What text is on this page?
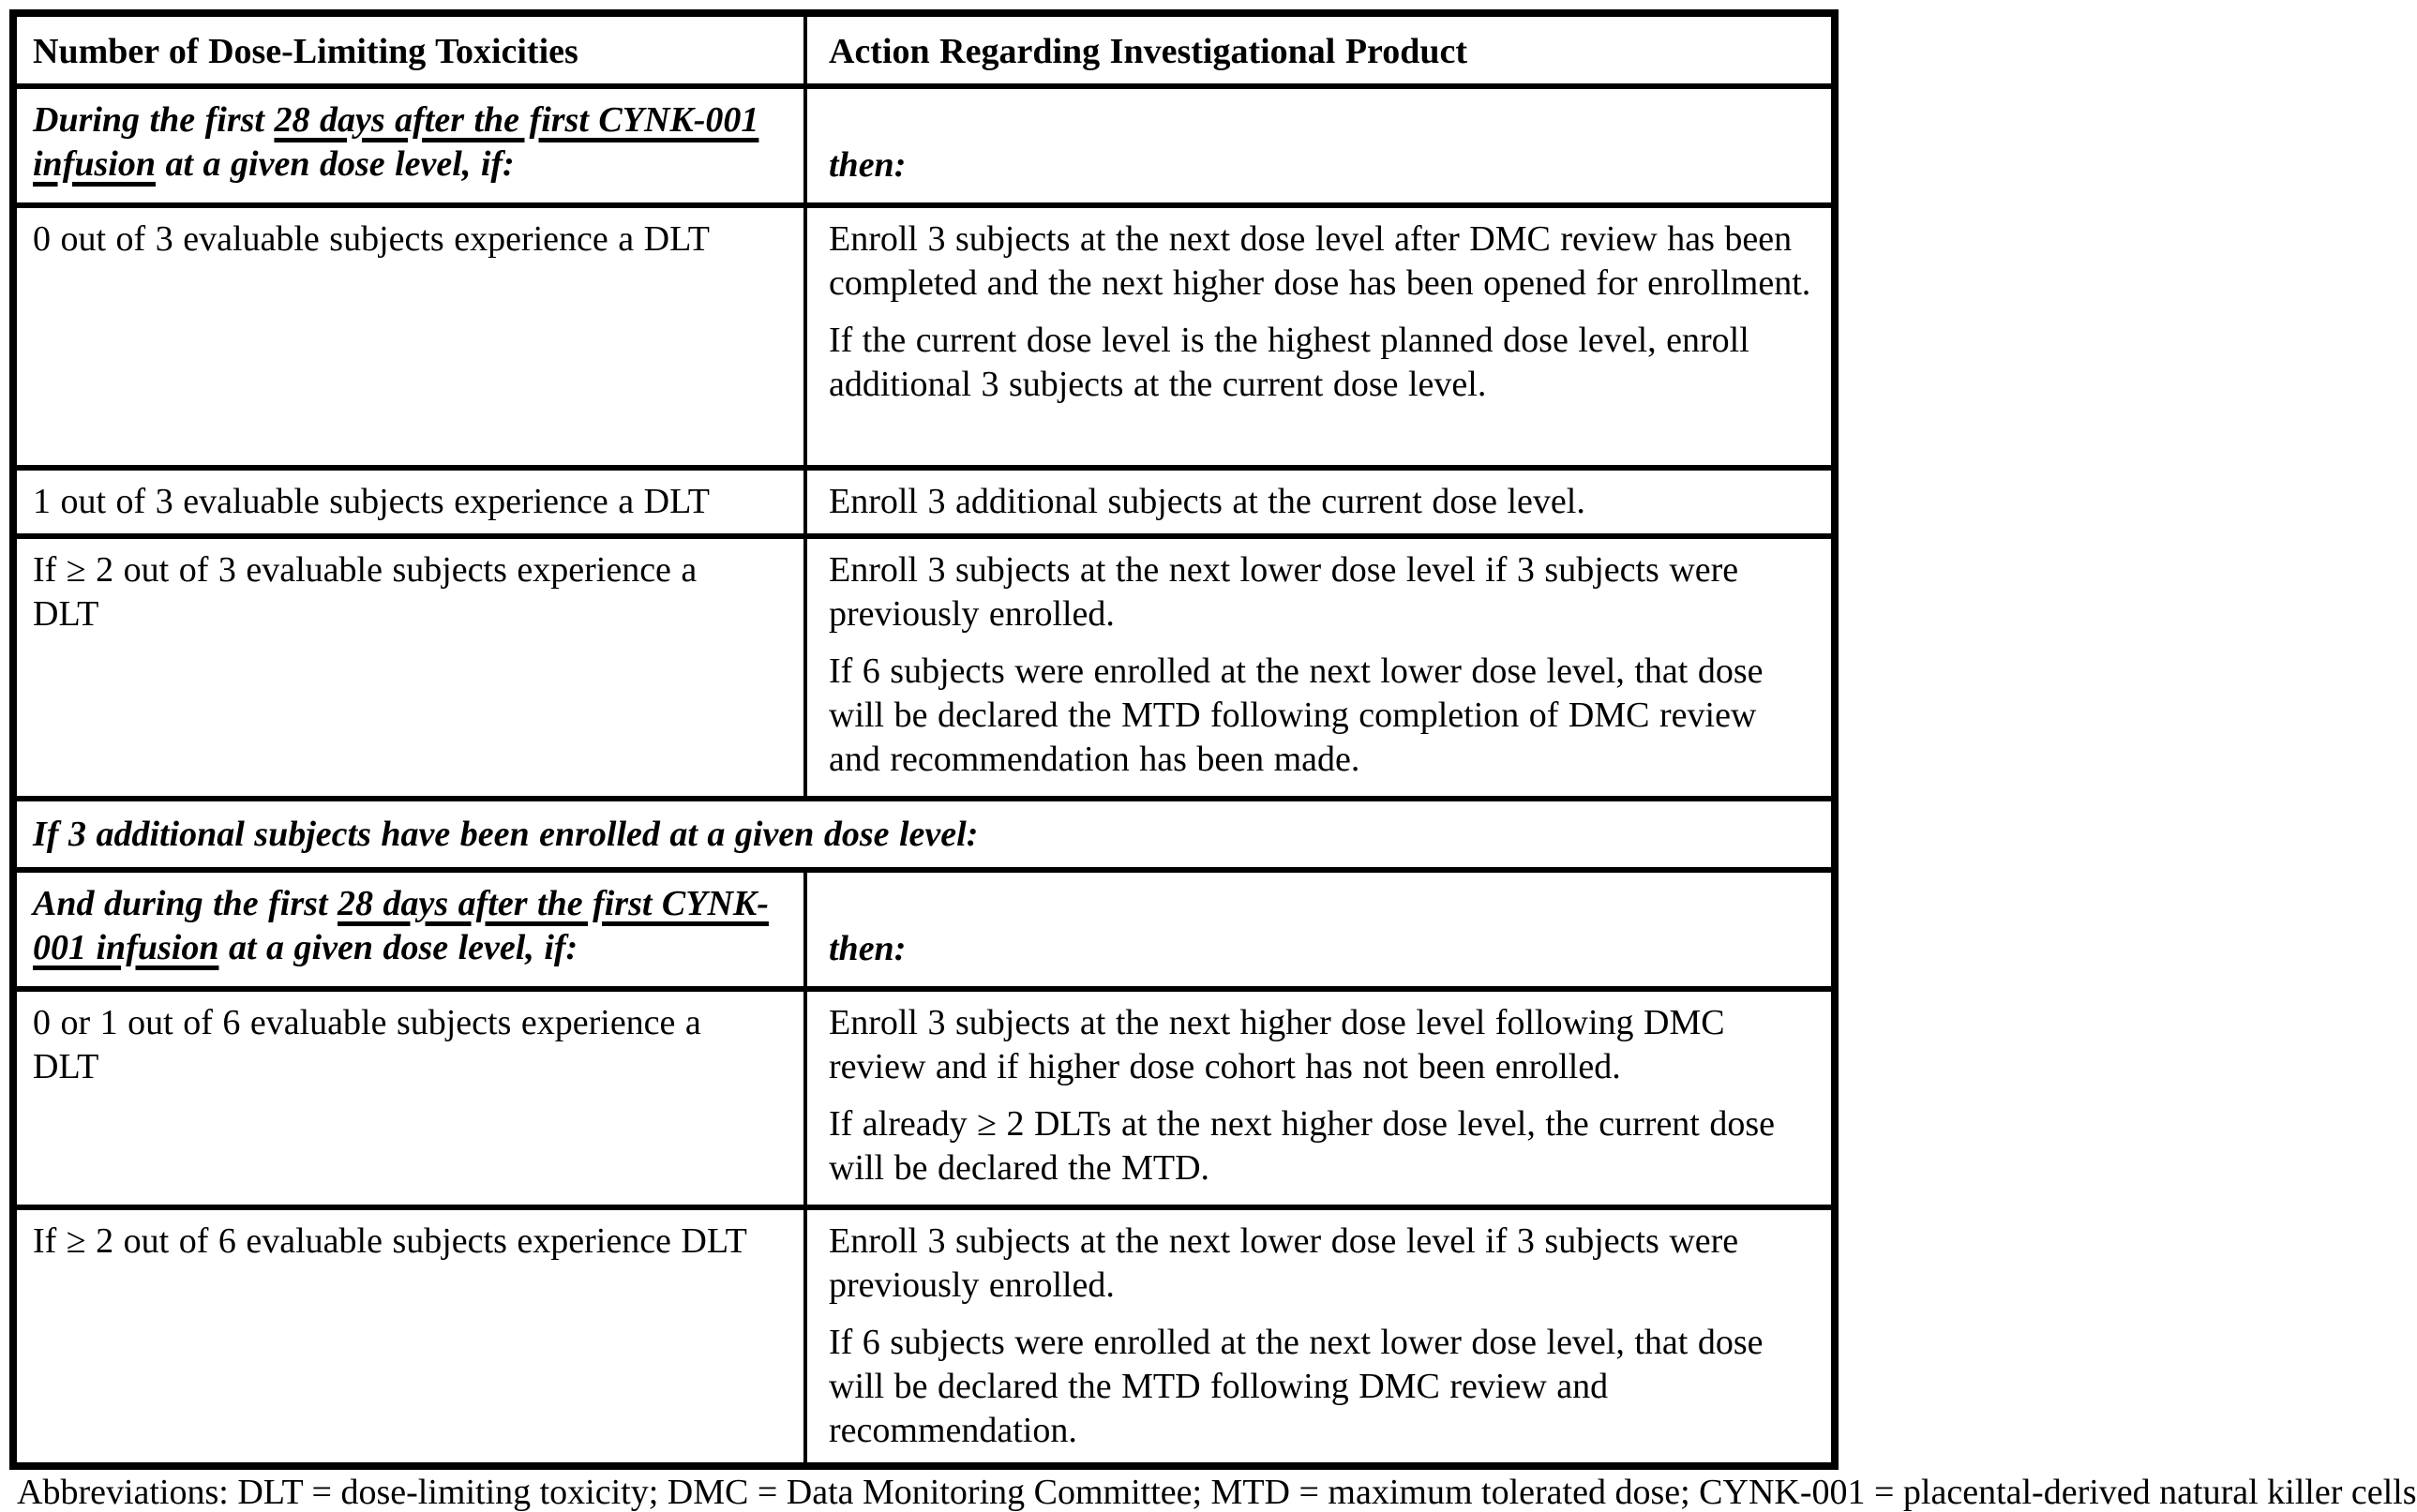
Number of Dose-Limiting Toxicities	Action Regarding Investigational Product
During the first 28 days after the first CYNK-001 infusion at a given dose level, if:	then:
0 out of 3 evaluable subjects experience a DLT	Enroll 3 subjects at the next dose level after DMC review has been completed and the next higher dose has been opened for enrollment.

If the current dose level is the highest planned dose level, enroll additional 3 subjects at the current dose level.

1 out of 3 evaluable subjects experience a DLT	Enroll 3 additional subjects at the current dose level.

If ≥ 2 out of 3 evaluable subjects experience a DLT	Enroll 3 subjects at the next lower dose level if 3 subjects were previously enrolled.

If 6 subjects were enrolled at the next lower dose level, that dose will be declared the MTD following completion of DMC review and recommendation has been made.

If 3 additional subjects have been enrolled at a given dose level:	
And during the first 28 days after the first CYNK-001 infusion at a given dose level, if:	then:
0 or 1 out of 6 evaluable subjects experience a DLT	Enroll 3 subjects at the next higher dose level following DMC review and if higher dose cohort has not been enrolled.

If already ≥ 2 DLTs at the next higher dose level, the current dose will be declared the MTD.

If ≥ 2 out of 6 evaluable subjects experience DLT	Enroll 3 subjects at the next lower dose level if 3 subjects were previously enrolled.

If 6 subjects were enrolled at the next lower dose level, that dose will be declared the MTD following DMC review and recommendation.

Abbreviations: DLT = dose-limiting toxicity; DMC = Data Monitoring Committee; MTD = maximum tolerated dose; CYNK-001 = placental-derived natural killer cells
